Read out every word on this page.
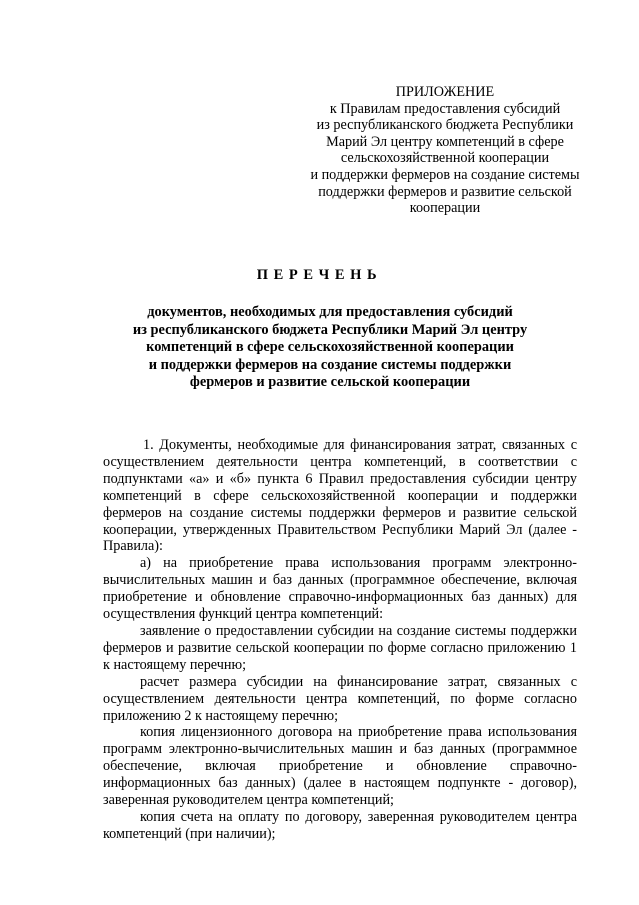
ПРИЛОЖЕНИЕ
к Правилам предоставления субсидий
из республиканского бюджета Республики
Марий Эл центру компетенций в сфере
сельскохозяйственной кооперации
и поддержки фермеров на создание системы
поддержки фермеров и развитие сельской
кооперации
ПЕРЕЧЕНЬ
документов, необходимых для предоставления субсидий
из республиканского бюджета Республики Марий Эл центру
компетенций в сфере сельскохозяйственной кооперации
и поддержки фермеров на создание системы поддержки
фермеров и развитие сельской кооперации

1. Документы, необходимые для финансирования затрат, связанных с осуществлением деятельности центра компетенций, в соответствии с подпунктами «а» и «б» пункта 6 Правил предоставления субсидии центру компетенций в сфере сельскохозяйственной кооперации и поддержки фермеров на создание системы поддержки фермеров и развитие сельской кооперации, утвержденных Правительством Республики Марий Эл (далее - Правила):

а) на приобретение права использования программ электронно-вычислительных машин и баз данных (программное обеспечение, включая приобретение и обновление справочно-информационных баз данных) для осуществления функций центра компетенций:

заявление о предоставлении субсидии на создание системы поддержки фермеров и развитие сельской кооперации по форме согласно приложению 1 к настоящему перечню;

расчет размера субсидии на финансирование затрат, связанных с осуществлением деятельности центра компетенций, по форме согласно приложению 2 к настоящему перечню;

копия лицензионного договора на приобретение права использования программ электронно-вычислительных машин и баз данных (программное обеспечение, включая приобретение и обновление справочно-информационных баз данных) (далее в настоящем подпункте - договор), заверенная руководителем центра компетенций;

копия счета на оплату по договору, заверенная руководителем центра компетенций (при наличии);
